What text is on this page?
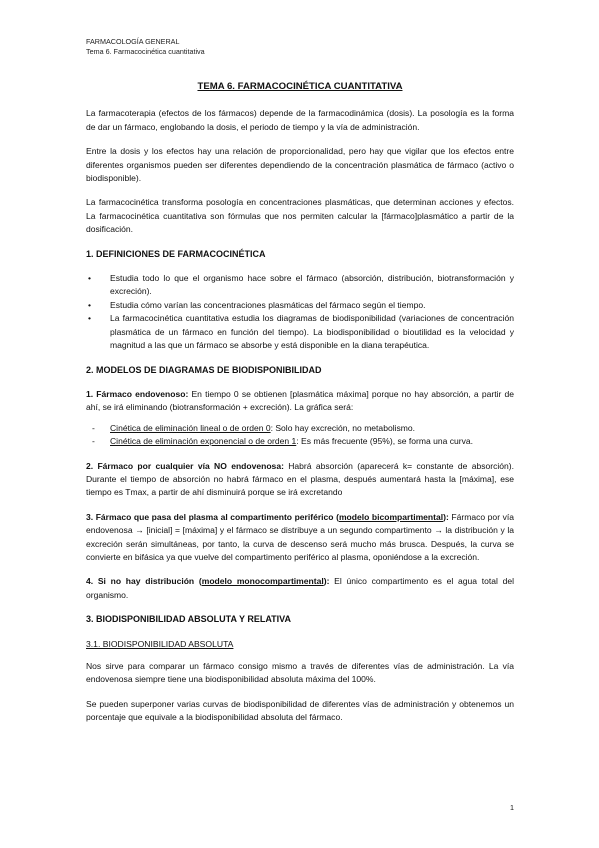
FARMACOLOGÍA GENERAL
Tema 6. Farmacocinética cuantitativa
TEMA 6. FARMACOCINÉTICA CUANTITATIVA

La farmacoterapia (efectos de los fármacos) depende de la farmacodinámica (dosis). La posología es la forma de dar un fármaco, englobando la dosis, el periodo de tiempo y la vía de administración.

Entre la dosis y los efectos hay una relación de proporcionalidad, pero hay que vigilar que los efectos entre diferentes organismos pueden ser diferentes dependiendo de la concentración plasmática de fármaco (activo o biodisponible).

La farmacocinética transforma posología en concentraciones plasmáticas, que determinan acciones y efectos. La farmacocinética cuantitativa son fórmulas que nos permiten calcular la [fármaco]plasmático a partir de la dosificación.

1. DEFINICIONES DE FARMACOCINÉTICA
• Estudia todo lo que el organismo hace sobre el fármaco (absorción, distribución, biotransformación y excreción).
• Estudia cómo varían las concentraciones plasmáticas del fármaco según el tiempo.
• La farmacocinética cuantitativa estudia los diagramas de biodisponibilidad (variaciones de concentración plasmática de un fármaco en función del tiempo). La biodisponibilidad o bioutilidad es la velocidad y magnitud a las que un fármaco se absorbe y está disponible en la diana terapéutica.
2. MODELOS DE DIAGRAMAS DE BIODISPONIBILIDAD

1. Fármaco endovenoso: En tiempo 0 se obtienen [plasmática máxima] porque no hay absorción, a partir de ahí, se irá eliminando (biotransformación + excreción). La gráfica será:

- Cinética de eliminación lineal o de orden 0: Solo hay excreción, no metabolismo.
- Cinética de eliminación exponencial o de orden 1: Es más frecuente (95%), se forma una curva.

2. Fármaco por cualquier vía NO endovenosa: Habrá absorción (aparecerá k= constante de absorción). Durante el tiempo de absorción no habrá fármaco en el plasma, después aumentará hasta la [máxima], ese tiempo es Tmax, a partir de ahí disminuirá porque se irá excretando

3. Fármaco que pasa del plasma al compartimento periférico (modelo bicompartimental): Fármaco por vía endovenosa → [inicial] = [máxima] y el fármaco se distribuye a un segundo compartimento → la distribución y la excreción serán simultáneas, por tanto, la curva de descenso será mucho más brusca. Después, la curva se convierte en bifásica ya que vuelve del compartimento periférico al plasma, oponiéndose a la excreción.

4. Si no hay distribución (modelo monocompartimental): El único compartimento es el agua total del organismo.

3. BIODISPONIBILIDAD ABSOLUTA Y RELATIVA
3.1. BIODISPONIBILIDAD ABSOLUTA

Nos sirve para comparar un fármaco consigo mismo a través de diferentes vías de administración. La vía endovenosa siempre tiene una biodisponibilidad absoluta máxima del 100%.

Se pueden superponer varias curvas de biodisponibilidad de diferentes vías de administración y obtenemos un porcentaje que equivale a la biodisponibilidad absoluta del fármaco.

1
